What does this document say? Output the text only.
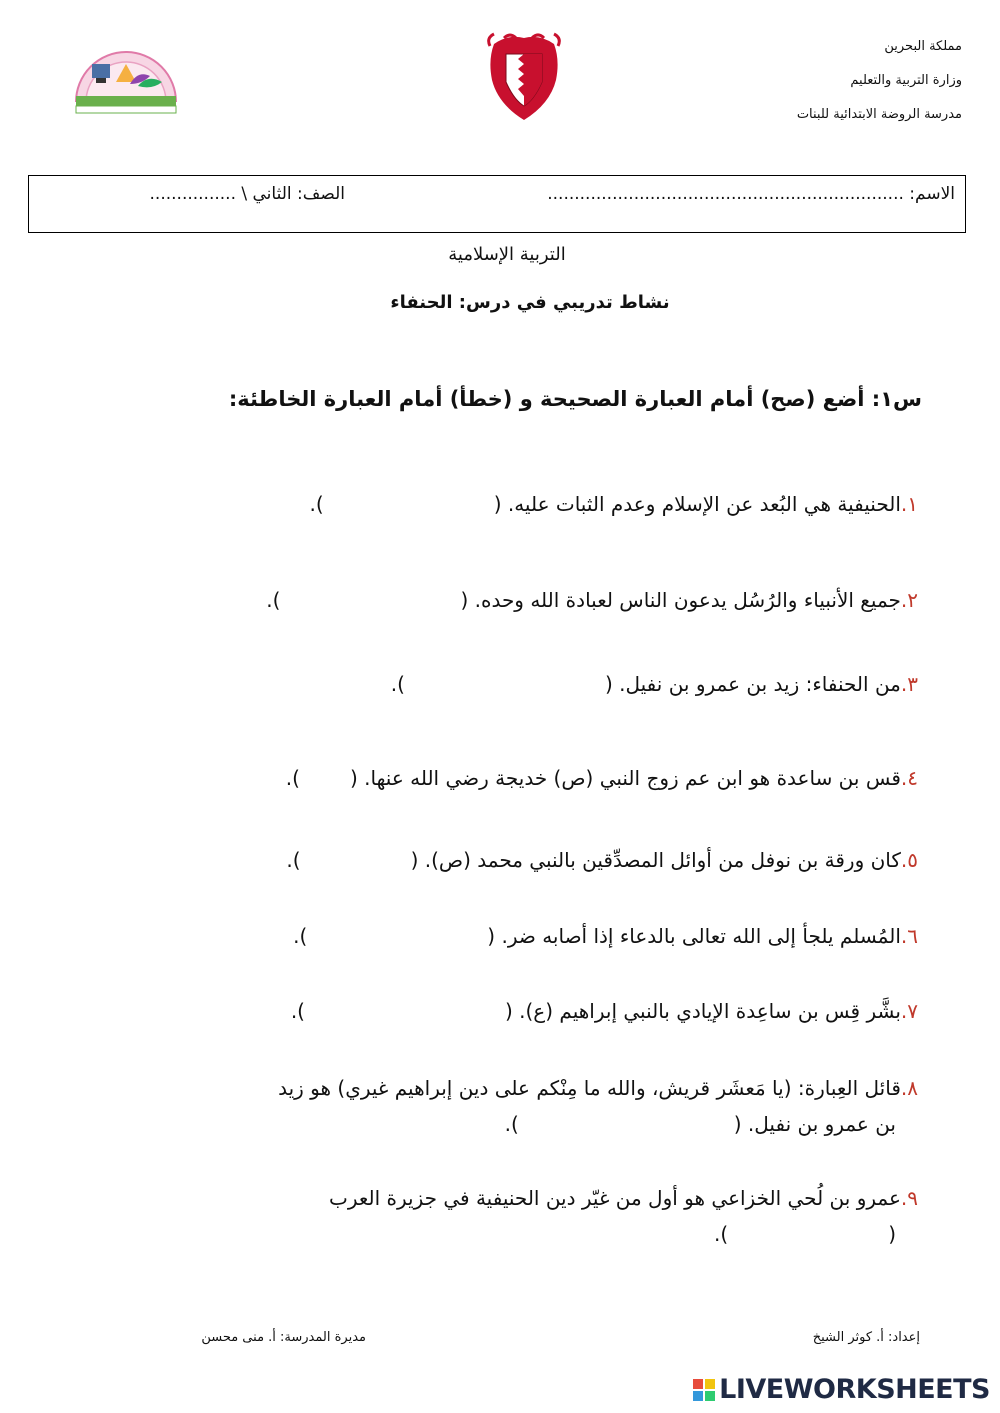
مملكة البحرين
وزارة التربية والتعليم
مدرسة الروضة الابتدائية للبنات
الاسم: ..................................................................
الصف: الثاني \ ................
التربية الإسلامية
نشاط تدريبي في درس: الحنفاء
س١: أضع (صح) أمام العبارة الصحيحة و (خطأ) أمام العبارة الخاطئة:
١.الحنيفية هي البُعد عن الإسلام وعدم الثبات عليه. ().
٢.جميع الأنبياء والرُسُل يدعون الناس لعبادة الله وحده. ().
٣.من الحنفاء: زيد بن عمرو بن نفيل. ().
٤.قس بن ساعدة هو ابن عم زوج النبي (ص) خديجة رضي الله عنها. ().
٥.كان ورقة بن نوفل من أوائل المصدِّقين بالنبي محمد (ص). ().
٦.المُسلم يلجأ إلى الله تعالى بالدعاء إذا أصابه ضر. ().
٧.بشَّر قِس بن ساعِدة الإيادي بالنبي إبراهيم (ع). ().
٨.قائل العِبارة: (يا مَعشَر قريش، والله ما مِنْكم على دين إبراهيم غيري) هو زيد
بن عمرو بن نفيل. ().
٩.عمرو بن لُحي الخزاعي هو أول من غيّر دين الحنيفية في جزيرة العرب
().
إعداد: أ. كوثر الشيخ
مديرة المدرسة: أ. منى محسن
LIVEWORKSHEETS
